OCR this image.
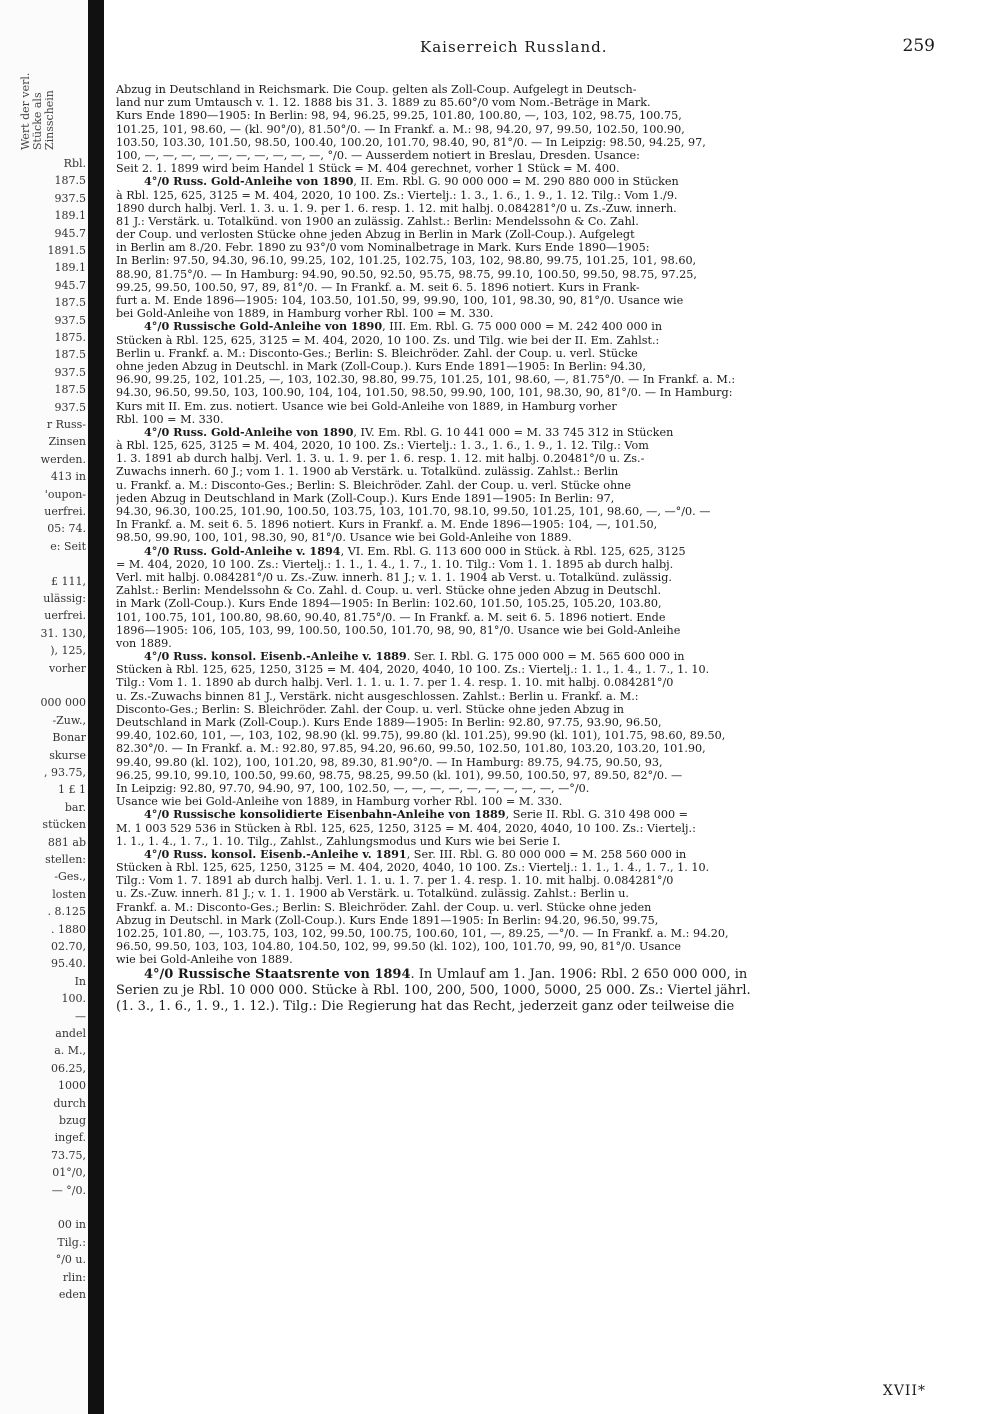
Wert der verl. Stücke als Zinsschein
Rbl.
187.5
937.5
189.1
945.7
1891.5
189.1
945.7
187.5
937.5
1875.
187.5
937.5
187.5
937.5
r Russ-
Zinsen
werden.
413 in
'oupon-
uerfrei.
05: 74.
e: Seit
£ 111,
ulässig:
uerfrei.
31. 130,
), 125,
vorher
000 000
-Zuw.,
Bonar
skurse
, 93.75,
1 £ 1
bar.
stücken
881 ab
stellen:
-Ges.,
losten
. 8.125
. 1880
02.70,
95.40.
In
100.
—
andel
a. M.,
06.25,
1000
durch
bzug
ingef.
73.75,
01°/0,
— °/0.
00 in
Tilg.:
°/0 u.
rlin:
eden
Kaiserreich Russland.	259
Abzug in Deutschland in Reichsmark. Die Coup. gelten als Zoll-Coup. Aufgelegt in Deutsch-
land nur zum Umtausch v. 1. 12. 1888 bis 31. 3. 1889 zu 85.60°/0 vom Nom.-Beträge in Mark.
Kurs Ende 1890—1905: In Berlin: 98, 94, 96.25, 99.25, 101.80, 100.80, —, 103, 102, 98.75, 100.75,
101.25, 101, 98.60, — (kl. 90°/0), 81.50°/0. — In Frankf. a. M.: 98, 94.20, 97, 99.50, 102.50, 100.90,
103.50, 103.30, 101.50, 98.50, 100.40, 100.20, 101.70, 98.40, 90, 81°/0. — In Leipzig: 98.50, 94.25, 97,
100, —, —, —, —, —, —, —, —, —, —, °/0. — Ausserdem notiert in Breslau, Dresden. Usance:
Seit 2. 1. 1899 wird beim Handel 1 Stück = M. 404 gerechnet, vorher 1 Stück = M. 400.
4°/0 Russ. Gold-Anleihe von 1890, II. Em. Rbl. G. 90 000 000 = M. 290 880 000 in Stücken
à Rbl. 125, 625, 3125 = M. 404, 2020, 10 100. Zs.: Viertelj.: 1. 3., 1. 6., 1. 9., 1. 12. Tilg.: Vom 1./9.
1890 durch halbj. Verl. 1. 3. u. 1. 9. per 1. 6. resp. 1. 12. mit halbj. 0.084281°/0 u. Zs.-Zuw. innerh.
81 J.: Verstärk. u. Totalkünd. von 1900 an zulässig. Zahlst.: Berlin: Mendelssohn & Co. Zahl.
der Coup. und verlosten Stücke ohne jeden Abzug in Berlin in Mark (Zoll-Coup.). Aufgelegt
in Berlin am 8./20. Febr. 1890 zu 93°/0 vom Nominalbetrage in Mark. Kurs Ende 1890—1905:
In Berlin: 97.50, 94.30, 96.10, 99.25, 102, 101.25, 102.75, 103, 102, 98.80, 99.75, 101.25, 101, 98.60,
88.90, 81.75°/0. — In Hamburg: 94.90, 90.50, 92.50, 95.75, 98.75, 99.10, 100.50, 99.50, 98.75, 97.25,
99.25, 99.50, 100.50, 97, 89, 81°/0. — In Frankf. a. M. seit 6. 5. 1896 notiert. Kurs in Frank-
furt a. M. Ende 1896—1905: 104, 103.50, 101.50, 99, 99.90, 100, 101, 98.30, 90, 81°/0. Usance wie
bei Gold-Anleihe von 1889, in Hamburg vorher Rbl. 100 = M. 330.
4°/0 Russische Gold-Anleihe von 1890, III. Em. Rbl. G. 75 000 000 = M. 242 400 000 in
Stücken à Rbl. 125, 625, 3125 = M. 404, 2020, 10 100. Zs. und Tilg. wie bei der II. Em. Zahlst.:
Berlin u. Frankf. a. M.: Disconto-Ges.; Berlin: S. Bleichröder. Zahl. der Coup. u. verl. Stücke
ohne jeden Abzug in Deutschl. in Mark (Zoll-Coup.). Kurs Ende 1891—1905: In Berlin: 94.30,
96.90, 99.25, 102, 101.25, —, 103, 102.30, 98.80, 99.75, 101.25, 101, 98.60, —, 81.75°/0. — In Frankf. a. M.:
94.30, 96.50, 99.50, 103, 100.90, 104, 104, 101.50, 98.50, 99.90, 100, 101, 98.30, 90, 81°/0. — In Hamburg:
Kurs mit II. Em. zus. notiert. Usance wie bei Gold-Anleihe von 1889, in Hamburg vorher
Rbl. 100 = M. 330.
4°/0 Russ. Gold-Anleihe von 1890, IV. Em. Rbl. G. 10 441 000 = M. 33 745 312 in Stücken
à Rbl. 125, 625, 3125 = M. 404, 2020, 10 100. Zs.: Viertelj.: 1. 3., 1. 6., 1. 9., 1. 12. Tilg.: Vom
1. 3. 1891 ab durch halbj. Verl. 1. 3. u. 1. 9. per 1. 6. resp. 1. 12. mit halbj. 0.20481°/0 u. Zs.-
Zuwachs innerh. 60 J.; vom 1. 1. 1900 ab Verstärk. u. Totalkünd. zulässig. Zahlst.: Berlin
u. Frankf. a. M.: Disconto-Ges.; Berlin: S. Bleichröder. Zahl. der Coup. u. verl. Stücke ohne
jeden Abzug in Deutschland in Mark (Zoll-Coup.). Kurs Ende 1891—1905: In Berlin: 97,
94.30, 96.30, 100.25, 101.90, 100.50, 103.75, 103, 101.70, 98.10, 99.50, 101.25, 101, 98.60, —, —°/0. —
In Frankf. a. M. seit 6. 5. 1896 notiert. Kurs in Frankf. a. M. Ende 1896—1905: 104, —, 101.50,
98.50, 99.90, 100, 101, 98.30, 90, 81°/0. Usance wie bei Gold-Anleihe von 1889.
4°/0 Russ. Gold-Anleihe v. 1894, VI. Em. Rbl. G. 113 600 000 in Stück. à Rbl. 125, 625, 3125
= M. 404, 2020, 10 100. Zs.: Viertelj.: 1. 1., 1. 4., 1. 7., 1. 10. Tilg.: Vom 1. 1. 1895 ab durch halbj.
Verl. mit halbj. 0.084281°/0 u. Zs.-Zuw. innerh. 81 J.; v. 1. 1. 1904 ab Verst. u. Totalkünd. zulässig.
Zahlst.: Berlin: Mendelssohn & Co. Zahl. d. Coup. u. verl. Stücke ohne jeden Abzug in Deutschl.
in Mark (Zoll-Coup.). Kurs Ende 1894—1905: In Berlin: 102.60, 101.50, 105.25, 105.20, 103.80,
101, 100.75, 101, 100.80, 98.60, 90.40, 81.75°/0. — In Frankf. a. M. seit 6. 5. 1896 notiert. Ende
1896—1905: 106, 105, 103, 99, 100.50, 100.50, 101.70, 98, 90, 81°/0. Usance wie bei Gold-Anleihe
von 1889.
4°/0 Russ. konsol. Eisenb.-Anleihe v. 1889. Ser. I. Rbl. G. 175 000 000 = M. 565 600 000 in
Stücken à Rbl. 125, 625, 1250, 3125 = M. 404, 2020, 4040, 10 100. Zs.: Viertelj.: 1. 1., 1. 4., 1. 7., 1. 10.
Tilg.: Vom 1. 1. 1890 ab durch halbj. Verl. 1. 1. u. 1. 7. per 1. 4. resp. 1. 10. mit halbj. 0.084281°/0
u. Zs.-Zuwachs binnen 81 J., Verstärk. nicht ausgeschlossen. Zahlst.: Berlin u. Frankf. a. M.:
Disconto-Ges.; Berlin: S. Bleichröder. Zahl. der Coup. u. verl. Stücke ohne jeden Abzug in
Deutschland in Mark (Zoll-Coup.). Kurs Ende 1889—1905: In Berlin: 92.80, 97.75, 93.90, 96.50,
99.40, 102.60, 101, —, 103, 102, 98.90 (kl. 99.75), 99.80 (kl. 101.25), 99.90 (kl. 101), 101.75, 98.60, 89.50,
82.30°/0. — In Frankf. a. M.: 92.80, 97.85, 94.20, 96.60, 99.50, 102.50, 101.80, 103.20, 103.20, 101.90,
99.40, 99.80 (kl. 102), 100, 101.20, 98, 89.30, 81.90°/0. — In Hamburg: 89.75, 94.75, 90.50, 93,
96.25, 99.10, 99.10, 100.50, 99.60, 98.75, 98.25, 99.50 (kl. 101), 99.50, 100.50, 97, 89.50, 82°/0. —
In Leipzig: 92.80, 97.70, 94.90, 97, 100, 102.50, —, —, —, —, —, —, —, —, —, —°/0.
Usance wie bei Gold-Anleihe von 1889, in Hamburg vorher Rbl. 100 = M. 330.
4°/0 Russische konsolidierte Eisenbahn-Anleihe von 1889, Serie II. Rbl. G. 310 498 000 =
M. 1 003 529 536 in Stücken à Rbl. 125, 625, 1250, 3125 = M. 404, 2020, 4040, 10 100. Zs.: Viertelj.:
1. 1., 1. 4., 1. 7., 1. 10. Tilg., Zahlst., Zahlungsmodus und Kurs wie bei Serie I.
4°/0 Russ. konsol. Eisenb.-Anleihe v. 1891, Ser. III. Rbl. G. 80 000 000 = M. 258 560 000 in
Stücken à Rbl. 125, 625, 1250, 3125 = M. 404, 2020, 4040, 10 100. Zs.: Viertelj.: 1. 1., 1. 4., 1. 7., 1. 10.
Tilg.: Vom 1. 7. 1891 ab durch halbj. Verl. 1. 1. u. 1. 7. per 1. 4. resp. 1. 10. mit halbj. 0.084281°/0
u. Zs.-Zuw. innerh. 81 J.; v. 1. 1. 1900 ab Verstärk. u. Totalkünd. zulässig. Zahlst.: Berlin u.
Frankf. a. M.: Disconto-Ges.; Berlin: S. Bleichröder. Zahl. der Coup. u. verl. Stücke ohne jeden
Abzug in Deutschl. in Mark (Zoll-Coup.). Kurs Ende 1891—1905: In Berlin: 94.20, 96.50, 99.75,
102.25, 101.80, —, 103.75, 103, 102, 99.50, 100.75, 100.60, 101, —, 89.25, —°/0. — In Frankf. a. M.: 94.20,
96.50, 99.50, 103, 103, 104.80, 104.50, 102, 99, 99.50 (kl. 102), 100, 101.70, 99, 90, 81°/0. Usance
wie bei Gold-Anleihe von 1889.
4°/0 Russische Staatsrente von 1894. In Umlauf am 1. Jan. 1906: Rbl. 2 650 000 000, in
Serien zu je Rbl. 10 000 000. Stücke à Rbl. 100, 200, 500, 1000, 5000, 25 000. Zs.: Viertel jährl.
(1. 3., 1. 6., 1. 9., 1. 12.). Tilg.: Die Regierung hat das Recht, jederzeit ganz oder teilweise die
XVII*
